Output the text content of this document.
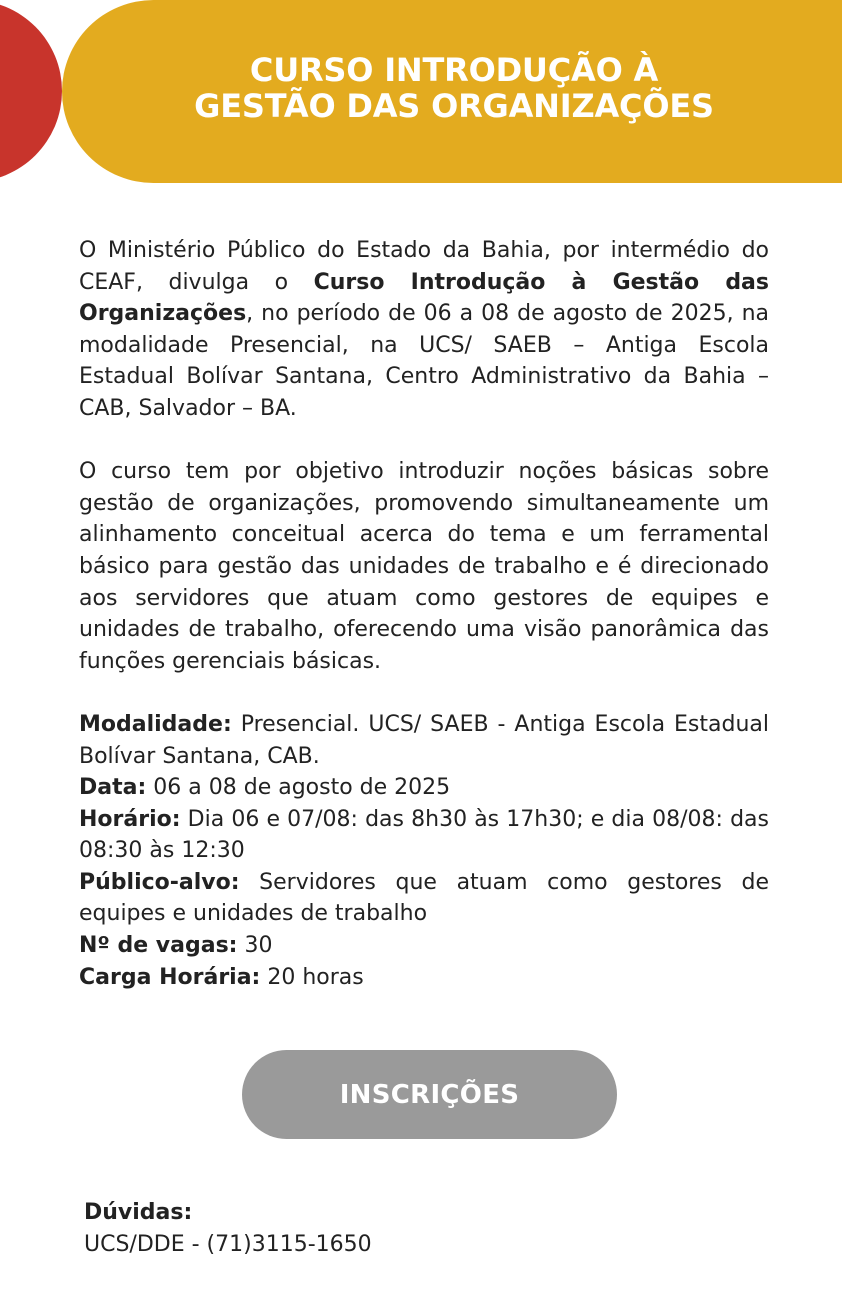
CURSO INTRODUÇÃO À
GESTÃO DAS ORGANIZAÇÕES

O Ministério Público do Estado da Bahia, por intermédio do CEAF, divulga o Curso Introdução à Gestão das Organizações, no período de 06 a 08 de agosto de 2025, na modalidade Presencial, na UCS/ SAEB – Antiga Escola Estadual Bolívar Santana, Centro Administrativo da Bahia – CAB, Salvador – BA.

O curso tem por objetivo introduzir noções básicas sobre gestão de organizações, promovendo simultaneamente um alinhamento conceitual acerca do tema e um ferramental básico para gestão das unidades de trabalho e é direcionado aos servidores que atuam como gestores de equipes e unidades de trabalho, oferecendo uma visão panorâmica das funções gerenciais básicas.

Modalidade: Presencial. UCS/ SAEB - Antiga Escola Estadual Bolívar Santana, CAB.

Data: 06 a 08 de agosto de 2025

Horário: Dia 06 e 07/08: das 8h30 às 17h30; e dia 08/08: das 08:30 às 12:30

Público-alvo: Servidores que atuam como gestores de equipes e unidades de trabalho

Nº de vagas: 30

Carga Horária: 20 horas

INSCRIÇÕES
Dúvidas:
UCS/DDE - (71)3115-1650
